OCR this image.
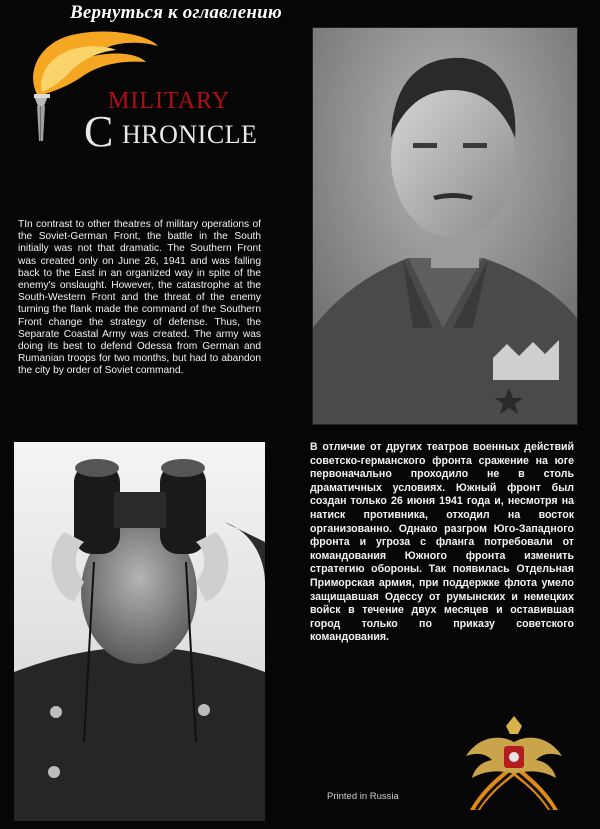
Вернуться к оглавлению
MILITARY
C HRONICLE

TIn contrast to other theatres of military operations of the Soviet-German Front, the battle in the South initially was not that dramatic. The Southern Front was created only on June 26, 1941 and was falling back to the East in an organized way in spite of the enemy's onslaught. However, the catastrophe at the South-Western Front and the threat of the enemy turning the flank made the command of the Southern Front change the strategy of defense. Thus, the Separate Coastal Army was created. The army was doing its best to defend Odessa from German and Rumanian troops for two months, but had to abandon the city by order of Soviet command.

В отличие от других театров военных действий советско-германского фронта сражение на юге первоначально проходило не в столь драматичных условиях. Южный фронт был создан только 26 июня 1941 года и, несмотря на натиск противника, отходил на восток организованно. Однако разгром Юго-Западного фронта и угроза с фланга потребовали от командования Южного фронта изменить стратегию обороны. Так появилась Отдельная Приморская армия, при поддержке флота умело защищавшая Одессу от румынских и немецких войск в течение двух месяцев и оставившая город только по приказу советского командования.

Printed in Russia
